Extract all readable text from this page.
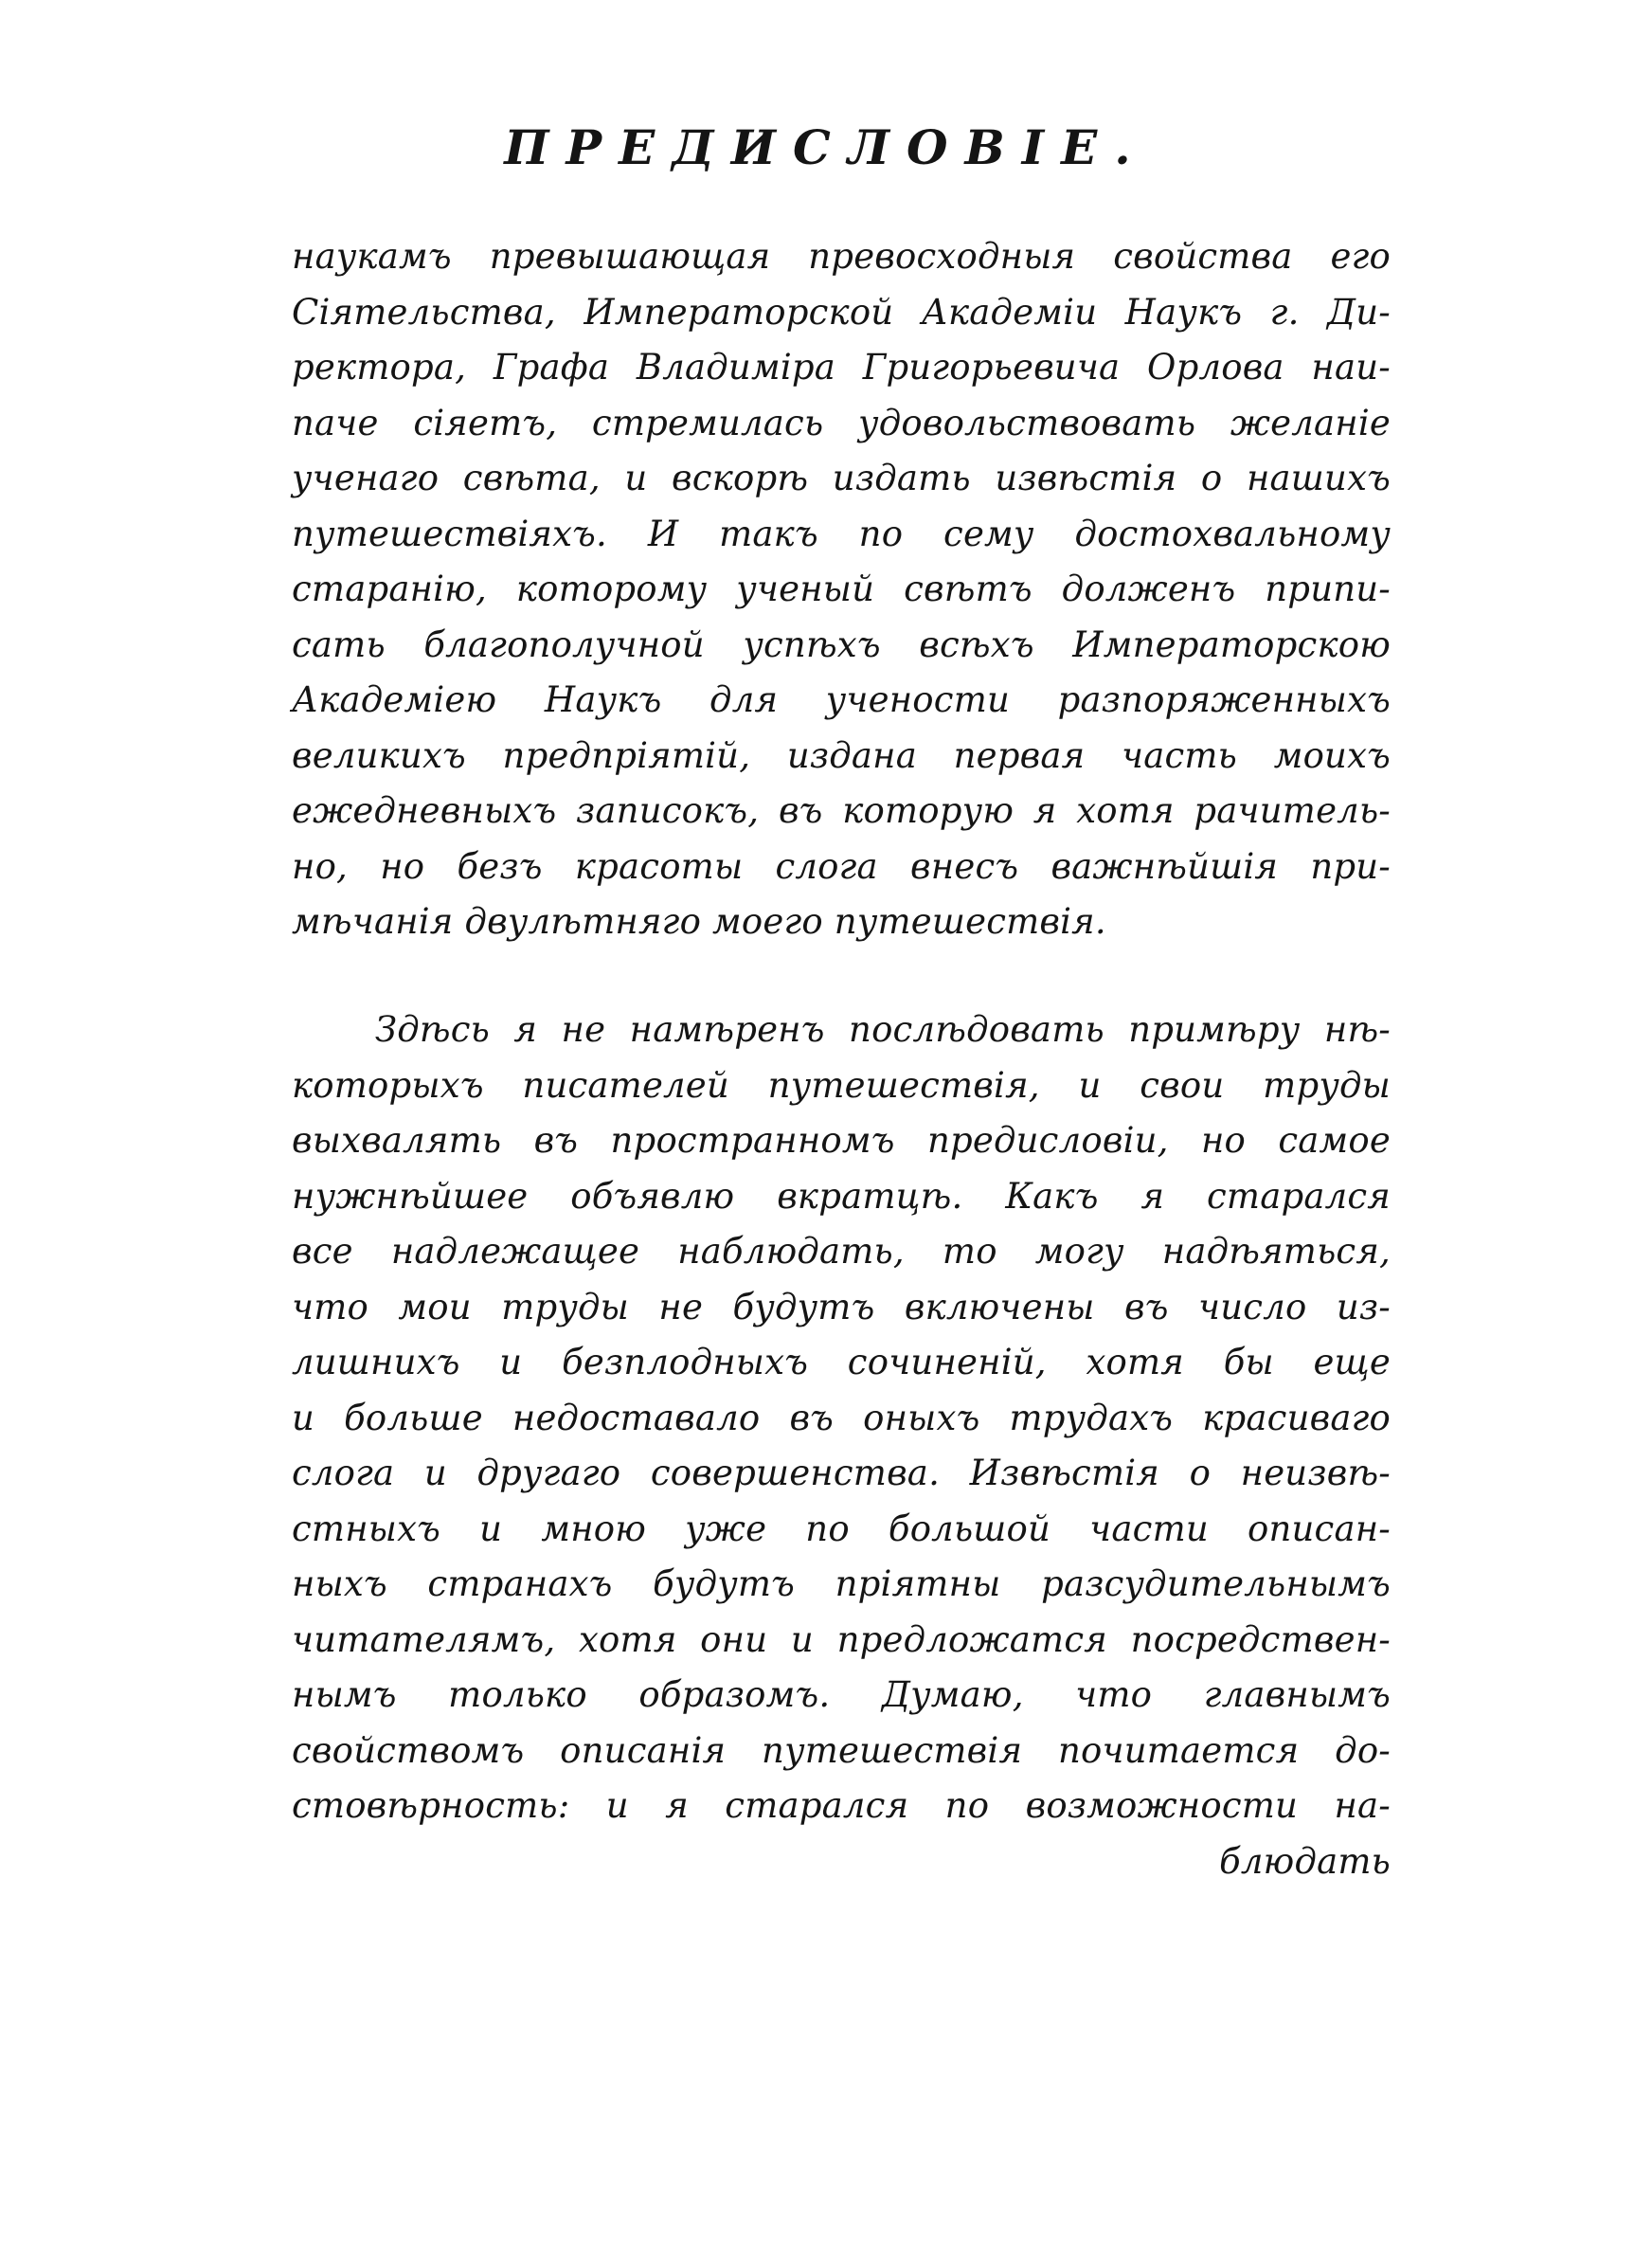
ПРЕДИСЛОВІЕ.
наукамъ превышающая превосходныя свойства его
Сіятельства, Императорской Академіи Наукъ г. Ди-
ректора, Графа Владиміра Григорьевича Орлова наи-
паче сіяетъ, стремилась удовольствовать желаніе
ученаго свѣта, и вскорѣ издать извѣстія о нашихъ
путешествіяхъ. И такъ по сему достохвальному
старанію, которому ученый свѣтъ долженъ припи-
сать благополучной успѣхъ всѣхъ Императорскою
Академіею Наукъ для учености разпоряженныхъ
великихъ предпріятій, издана первая часть моихъ
ежедневныхъ записокъ, въ которую я хотя рачитель-
но, но безъ красоты слога внесъ важнѣйшія при-
мѣчанія двулѣтняго моего путешествія.
Здѣсь я не намѣренъ послѣдовать примѣру нѣ-
которыхъ писателей путешествія, и свои труды
выхвалять въ пространномъ предисловіи, но самое
нужнѣйшее объявлю вкратцѣ. Какъ я старался
все надлежащее наблюдать, то могу надѣяться,
что мои труды не будутъ включены въ число из-
лишнихъ и безплодныхъ сочиненій, хотя бы еще
и больше недоставало въ оныхъ трудахъ красиваго
слога и другаго совершенства. Извѣстія о неизвѣ-
стныхъ и мною уже по большой части описан-
ныхъ странахъ будутъ пріятны разсудительнымъ
читателямъ, хотя они и предложатся посредствен-
нымъ только образомъ. Думаю, что главнымъ
свойствомъ описанія путешествія почитается до-
стовѣрность: и я старался по возможности на-
блюдать
